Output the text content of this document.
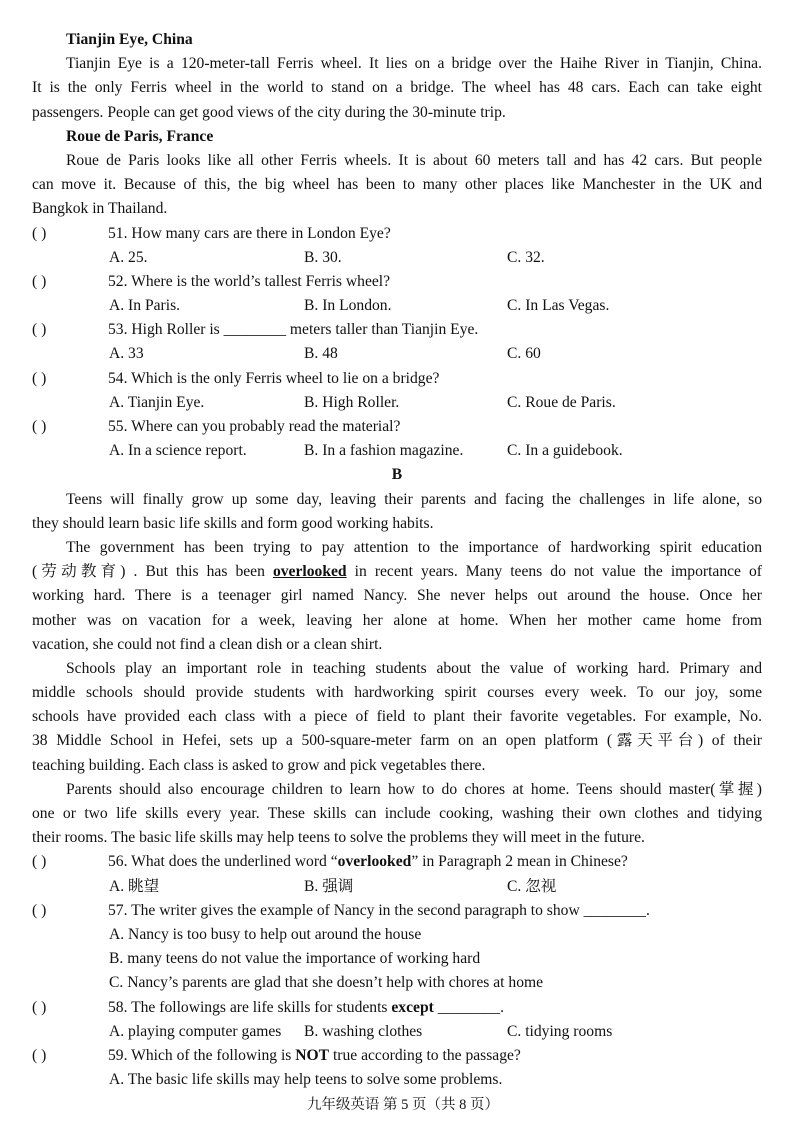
Tianjin Eye, China
Tianjin Eye is a 120-meter-tall Ferris wheel. It lies on a bridge over the Haihe River in Tianjin, China.
It is the only Ferris wheel in the world to stand on a bridge. The wheel has 48 cars. Each can take eight
passengers. People can get good views of the city during the 30-minute trip.
Roue de Paris, France
Roue de Paris looks like all other Ferris wheels. It is about 60 meters tall and has 42 cars. But people
can move it. Because of this, the big wheel has been to many other places like Manchester in the UK and
Bangkok in Thailand.
( )	51. How many cars are there in London Eye?
A. 25.	B. 30.	C. 32.
( )	52. Where is the world’s tallest Ferris wheel?
A. In Paris.	B. In London.	C. In Las Vegas.
( )	53. High Roller is ________ meters taller than Tianjin Eye.
A. 33	B. 48	C. 60
( )	54. Which is the only Ferris wheel to lie on a bridge?
A. Tianjin Eye.	B. High Roller.	C. Roue de Paris.
( )	55. Where can you probably read the material?
A. In a science report.	B. In a fashion magazine.	C. In a guidebook.
B
Teens will finally grow up some day, leaving their parents and facing the challenges in life alone, so
they should learn basic life skills and form good working habits.
The government has been trying to pay attention to the importance of hardworking spirit education
(劳动教育) . But this has been overlooked in recent years. Many teens do not value the importance of
working hard. There is a teenager girl named Nancy. She never helps out around the house. Once her
mother was on vacation for a week, leaving her alone at home. When her mother came home from
vacation, she could not find a clean dish or a clean shirt.
Schools play an important role in teaching students about the value of working hard. Primary and
middle schools should provide students with hardworking spirit courses every week. To our joy, some
schools have provided each class with a piece of field to plant their favorite vegetables. For example, No.
38 Middle School in Hefei, sets up a 500-square-meter farm on an open platform (露天平台) of their
teaching building. Each class is asked to grow and pick vegetables there.
Parents should also encourage children to learn how to do chores at home. Teens should master(掌握)
one or two life skills every year. These skills can include cooking, washing their own clothes and tidying
their rooms. The basic life skills may help teens to solve the problems they will meet in the future.
( )	56. What does the underlined word “overlooked” in Paragraph 2 mean in Chinese?
A. 眺望	B. 强调	C. 忽视
( )	57. The writer gives the example of Nancy in the second paragraph to show ________.
A. Nancy is too busy to help out around the house
B. many teens do not value the importance of working hard
C. Nancy’s parents are glad that she doesn’t help with chores at home
( )	58. The followings are life skills for students except ________.
A. playing computer games B. washing clothes	C. tidying rooms
( )	59. Which of the following is NOT true according to the passage?
A. The basic life skills may help teens to solve some problems.
九年级英语 第 5 页（共 8 页）
